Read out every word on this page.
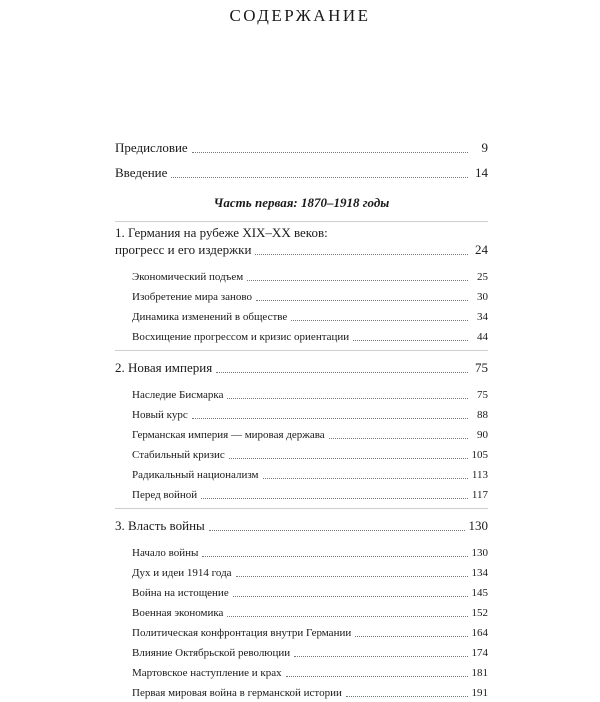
СОДЕРЖАНИЕ
Предисловие	9
Введение	14
Часть первая: 1870–1918 годы
1. Германия на рубеже XIX–XX веков:
прогресс и его издержки	24
Экономический подъем	25
Изобретение мира заново	30
Динамика изменений в обществе	34
Восхищение прогрессом и кризис ориентации	44
2. Новая империя	75
Наследие Бисмарка	75
Новый курс	88
Германская империя — мировая держава	90
Стабильный кризис	105
Радикальный национализм	113
Перед войной	117
3. Власть войны	130
Начало войны	130
Дух и идеи 1914 года	134
Война на истощение	145
Военная экономика	152
Политическая конфронтация внутри Германии	164
Влияние Октябрьской революции	174
Мартовское наступление и крах	181
Первая мировая война в германской истории	191
